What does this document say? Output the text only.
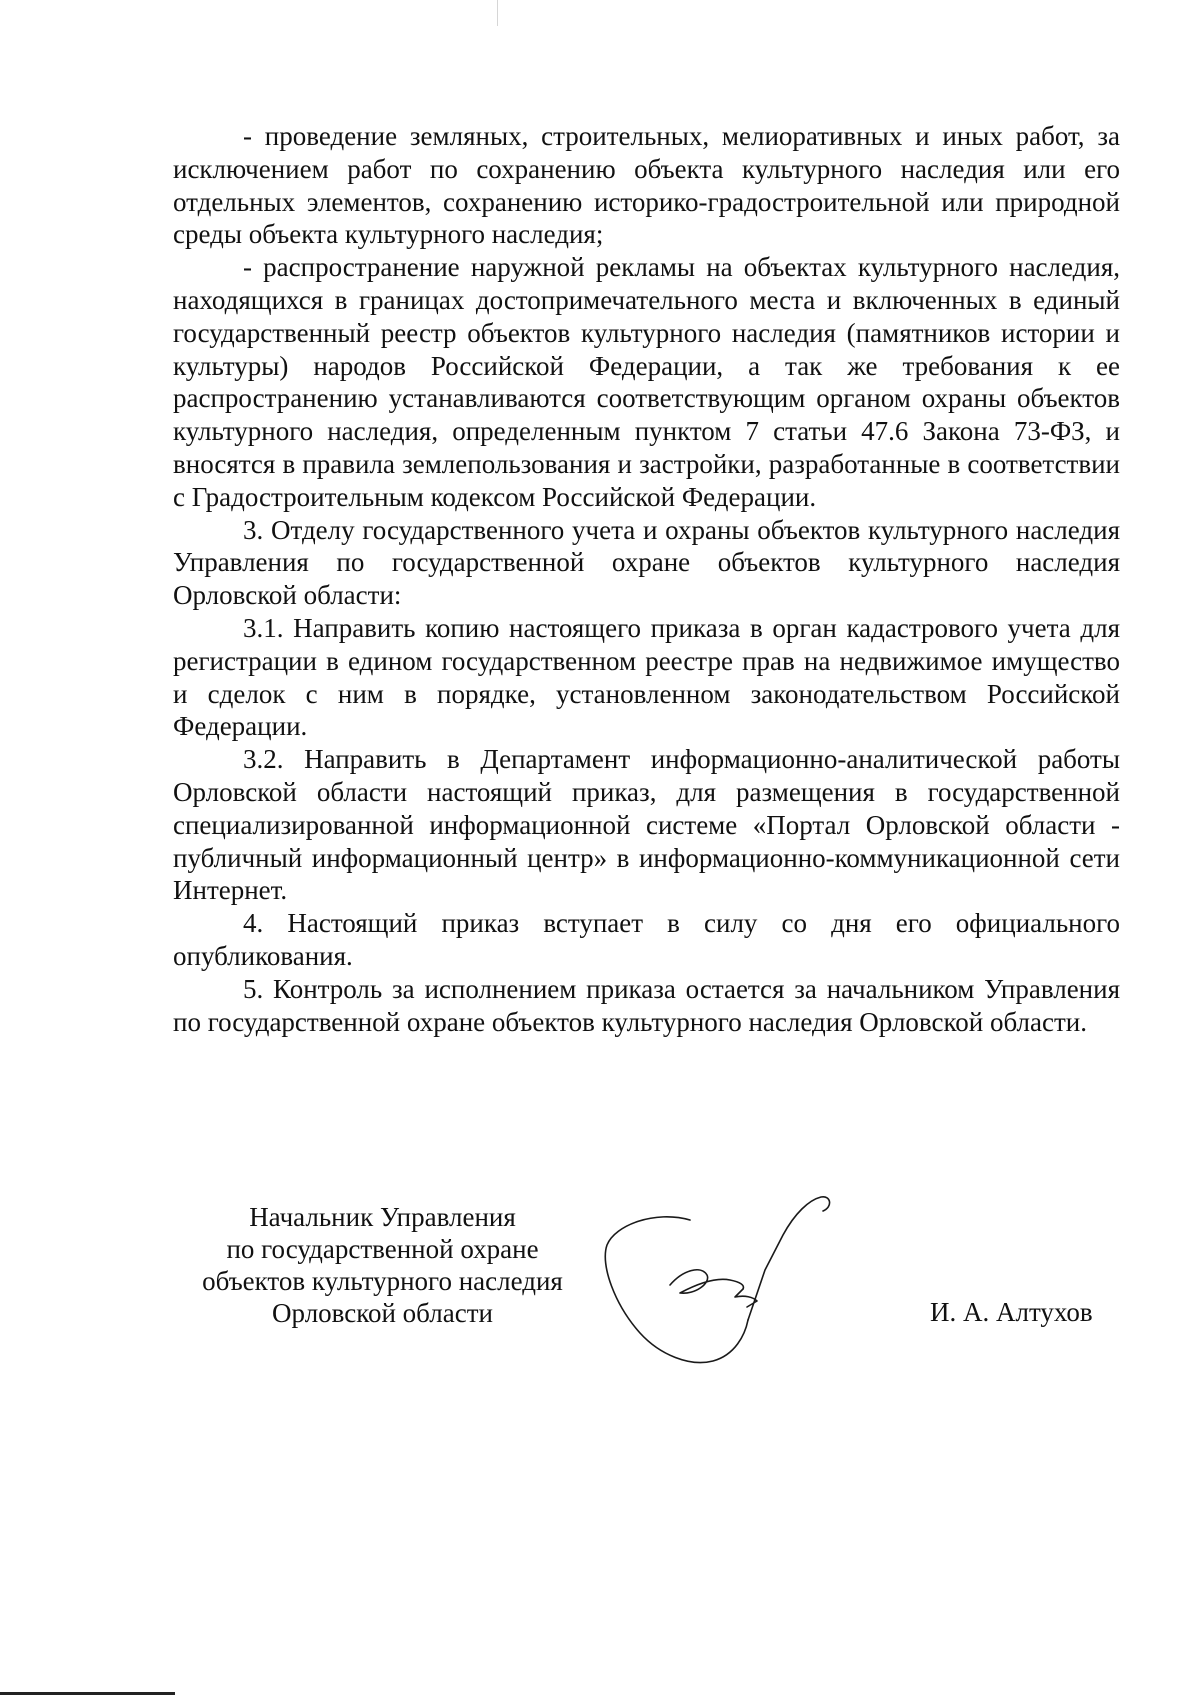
- проведение земляных, строительных, мелиоративных и иных работ, за исключением работ по сохранению объекта культурного наследия или его отдельных элементов, сохранению историко-градостроительной или природной среды объекта культурного наследия;

- распространение наружной рекламы на объектах культурного наследия, находящихся в границах достопримечательного места и включенных в единый государственный реестр объектов культурного наследия (памятников истории и культуры) народов Российской Федерации, а так же требования к ее распространению устанавливаются соответствующим органом охраны объектов культурного наследия, определенным пунктом 7 статьи 47.6 Закона 73-ФЗ, и вносятся в правила землепользования и застройки, разработанные в соответствии с Градостроительным кодексом Российской Федерации.

3. Отделу государственного учета и охраны объектов культурного наследия Управления по государственной охране объектов культурного наследия Орловской области:

3.1. Направить копию настоящего приказа в орган кадастрового учета для регистрации в едином государственном реестре прав на недвижимое имущество и сделок с ним в порядке, установленном законодательством Российской Федерации.

3.2. Направить в Департамент информационно-аналитической работы Орловской области настоящий приказ, для размещения в государственной специализированной информационной системе «Портал Орловской области - публичный информационный центр» в информационно-коммуникационной сети Интернет.

4. Настоящий приказ вступает в силу со дня его официального опубликования.

5. Контроль за исполнением приказа остается за начальником Управления по государственной охране объектов культурного наследия Орловской области.

Начальник Управления
по государственной охране
объектов культурного наследия
Орловской области	И. А. Алтухов
